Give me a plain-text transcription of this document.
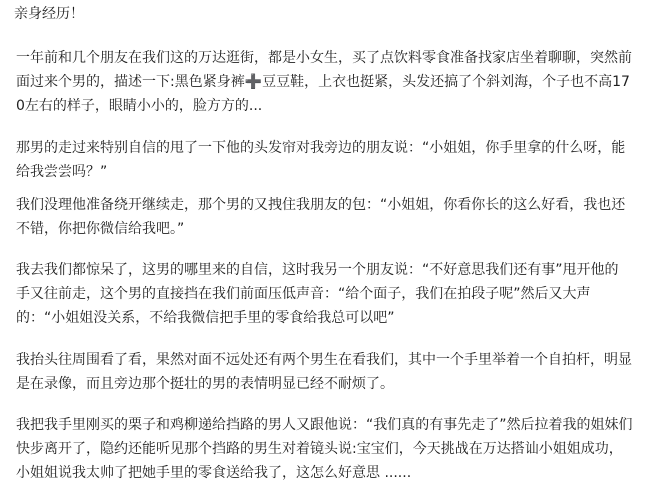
亲身经历！

一年前和几个朋友在我们这的万达逛街，都是小女生，买了点饮料零食准备找家店坐着聊聊，突然前面过来个男的，描述一下:黑色紧身裤➕豆豆鞋，上衣也挺紧，头发还搞了个斜刘海，个子也不高170左右的样子，眼睛小小的，脸方方的...

那男的走过来特别自信的甩了一下他的头发帘对我旁边的朋友说：“小姐姐，你手里拿的什么呀，能给我尝尝吗？”

我们没理他准备绕开继续走，那个男的又拽住我朋友的包：“小姐姐，你看你长的这么好看，我也还不错，你把你微信给我吧。”

我去我们都惊呆了，这男的哪里来的自信，这时我另一个朋友说：“不好意思我们还有事”甩开他的手又往前走，这个男的直接挡在我们前面压低声音：“给个面子，我们在拍段子呢”然后又大声的：“小姐姐没关系，不给我微信把手里的零食给我总可以吧”

我抬头往周围看了看，果然对面不远处还有两个男生在看我们，其中一个手里举着一个自拍杆，明显是在录像，而且旁边那个挺壮的男的表情明显已经不耐烦了。

我把我手里刚买的栗子和鸡柳递给挡路的男人又跟他说：“我们真的有事先走了”然后拉着我的姐妹们快步离开了，隐约还能听见那个挡路的男生对着镜头说:宝宝们，今天挑战在万达搭讪小姐姐成功，小姐姐说我太帅了把她手里的零食送给我了，这怎么好意思 ......
